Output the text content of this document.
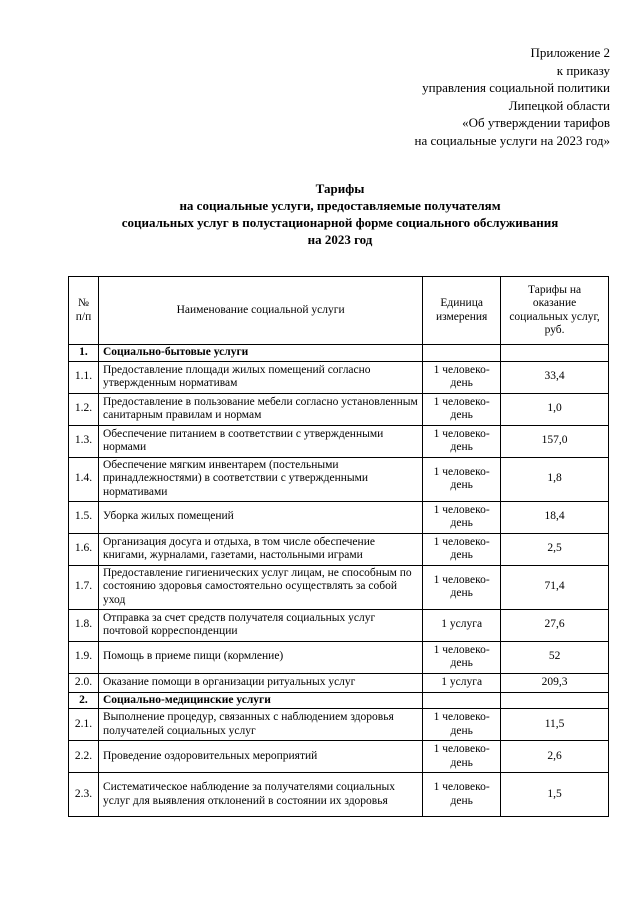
Приложение 2
к приказу
управления социальной политики
Липецкой области
«Об утверждении тарифов
на социальные услуги на 2023 год»
Тарифы
на социальные услуги, предоставляемые получателям
социальных услуг в полустационарной форме социального обслуживания
на 2023 год
№ п/п	Наименование социальной услуги	Единица измерения	Тарифы на оказание социальных услуг, руб.
1.	Социально-бытовые услуги		
1.1.	Предоставление площади жилых помещений согласно утвержденным нормативам	1 человеко-день	33,4
1.2.	Предоставление в пользование мебели согласно установленным санитарным правилам и нормам	1 человеко-день	1,0
1.3.	Обеспечение питанием в соответствии с утвержденными нормами	1 человеко-день	157,0
1.4.	Обеспечение мягким инвентарем (постельными принадлежностями) в соответствии с утвержденными нормативами	1 человеко-день	1,8
1.5.	Уборка жилых помещений	1 человеко-день	18,4
1.6.	Организация досуга и отдыха, в том числе обеспечение книгами, журналами, газетами, настольными играми	1 человеко-день	2,5
1.7.	Предоставление гигиенических услуг лицам, не способным по состоянию здоровья самостоятельно осуществлять за собой уход	1 человеко-день	71,4
1.8.	Отправка за счет средств получателя социальных услуг почтовой корреспонденции	1 услуга	27,6
1.9.	Помощь в приеме пищи (кормление)	1 человеко-день	52
2.0.	Оказание помощи в организации ритуальных услуг	1 услуга	209,3
2.	Социально-медицинские услуги		
2.1.	Выполнение процедур, связанных с наблюдением здоровья получателей социальных услуг	1 человеко-день	11,5
2.2.	Проведение оздоровительных мероприятий	1 человеко-день	2,6
2.3.	Систематическое наблюдение за получателями социальных услуг для выявления отклонений в состоянии их здоровья	1 человеко-день	1,5
